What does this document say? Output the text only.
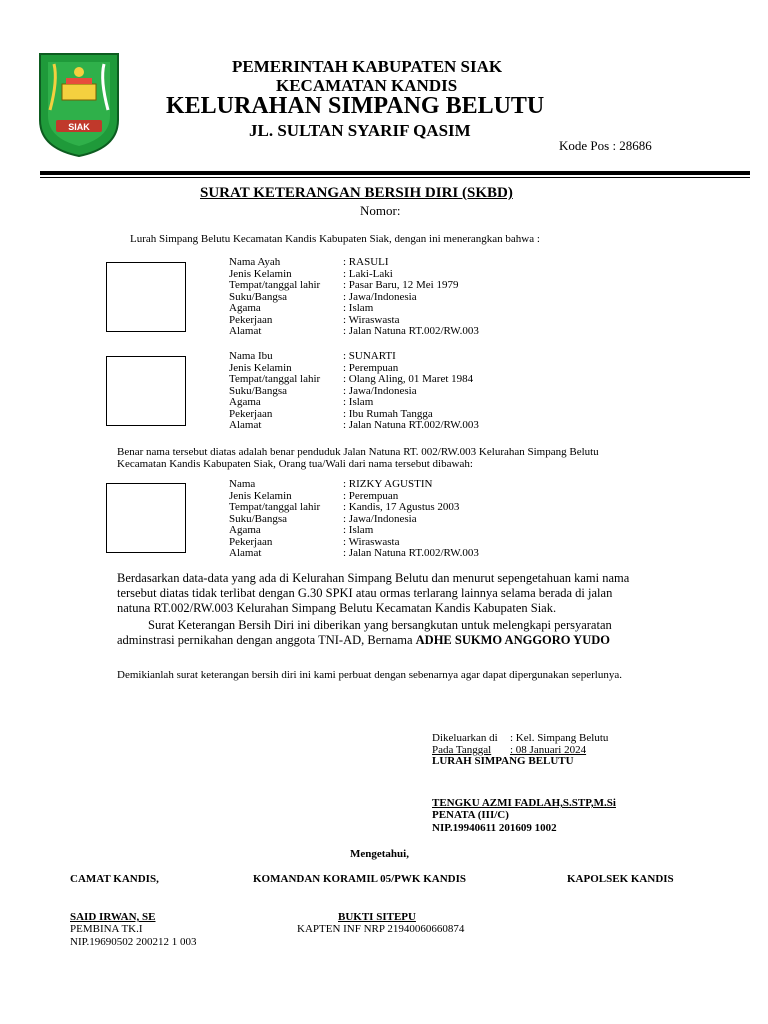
SIAK
PEMERINTAH KABUPATEN SIAK
KECAMATAN KANDIS
KELURAHAN SIMPANG BELUTU
JL. SULTAN SYARIF QASIM
Kode Pos : 28686
SURAT KETERANGAN BERSIH DIRI (SKBD)
Nomor:
Lurah Simpang Belutu Kecamatan Kandis Kabupaten Siak, dengan ini menerangkan bahwa :
Nama Ayah	: RASULI
Jenis Kelamin	: Laki-Laki
Tempat/tanggal lahir	: Pasar Baru, 12 Mei 1979
Suku/Bangsa	: Jawa/Indonesia
Agama	: Islam
Pekerjaan	: Wiraswasta
Alamat	: Jalan Natuna RT.002/RW.003
Nama Ibu	: SUNARTI
Jenis Kelamin	: Perempuan
Tempat/tanggal lahir	: Olang Aling, 01 Maret 1984
Suku/Bangsa	: Jawa/Indonesia
Agama	: Islam
Pekerjaan	: Ibu Rumah Tangga
Alamat	: Jalan Natuna RT.002/RW.003
Benar nama tersebut diatas adalah benar penduduk Jalan Natuna RT. 002/RW.003 Kelurahan Simpang Belutu
Kecamatan Kandis Kabupaten Siak, Orang tua/Wali dari nama tersebut dibawah:
Nama	: RIZKY AGUSTIN
Jenis Kelamin	: Perempuan
Tempat/tanggal lahir	: Kandis, 17 Agustus 2003
Suku/Bangsa	: Jawa/Indonesia
Agama	: Islam
Pekerjaan	: Wiraswasta
Alamat	: Jalan Natuna RT.002/RW.003
Berdasarkan data-data yang ada di Kelurahan Simpang Belutu dan menurut sepengetahuan kami nama
tersebut diatas tidak terlibat dengan G.30 SPKI atau ormas terlarang lainnya selama berada di jalan
natuna RT.002/RW.003 Kelurahan Simpang Belutu Kecamatan Kandis Kabupaten Siak.
Surat Keterangan Bersih Diri ini diberikan yang bersangkutan untuk melengkapi persyaratan
adminstrasi pernikahan dengan anggota TNI-AD, Bernama ADHE SUKMO ANGGORO YUDO
Demikianlah surat keterangan bersih diri ini kami perbuat dengan sebenarnya agar dapat dipergunakan seperlunya.
Dikeluarkan di : Kel. Simpang Belutu
Pada Tanggal : 08 Januari 2024
LURAH SIMPANG BELUTU
TENGKU AZMI FADLAH,S.STP,M.Si
PENATA (III/C)
NIP.19940611 201609 1002
Mengetahui,
CAMAT KANDIS,	KOMANDAN KORAMIL 05/PWK KANDIS	KAPOLSEK KANDIS
SAID IRWAN, SE
PEMBINA TK.I
NIP.19690502 200212 1 003
BUKTI SITEPU
KAPTEN INF NRP 21940060660874
